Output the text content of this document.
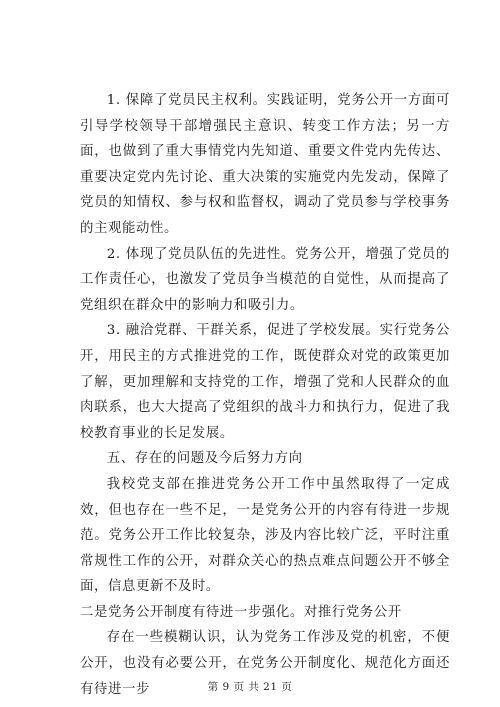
1. 保障了党员民主权利。实践证明，党务公开一方面可引导学校领导干部增强民主意识、转变工作方法；另一方面，也做到了重大事情党内先知道、重要文件党内先传达、重要决定党内先讨论、重大决策的实施党内先发动，保障了党员的知情权、参与权和监督权，调动了党员参与学校事务的主观能动性。

2. 体现了党员队伍的先进性。党务公开，增强了党员的工作责任心，也激发了党员争当模范的自觉性，从而提高了党组织在群众中的影响力和吸引力。

3. 融洽党群、干群关系，促进了学校发展。实行党务公开，用民主的方式推进党的工作，既使群众对党的政策更加了解，更加理解和支持党的工作，增强了党和人民群众的血肉联系，也大大提高了党组织的战斗力和执行力，促进了我校教育事业的长足发展。

五、存在的问题及今后努力方向

我校党支部在推进党务公开工作中虽然取得了一定成效，但也存在一些不足，一是党务公开的内容有待进一步规范。党务公开工作比较复杂，涉及内容比较广泛，平时注重常规性工作的公开，对群众关心的热点难点问题公开不够全面，信息更新不及时。

二是党务公开制度有待进一步强化。对推行党务公开

存在一些模糊认识，认为党务工作涉及党的机密，不便公开，也没有必要公开，在党务公开制度化、规范化方面还有待进一步	第 9 页 共 21 页
